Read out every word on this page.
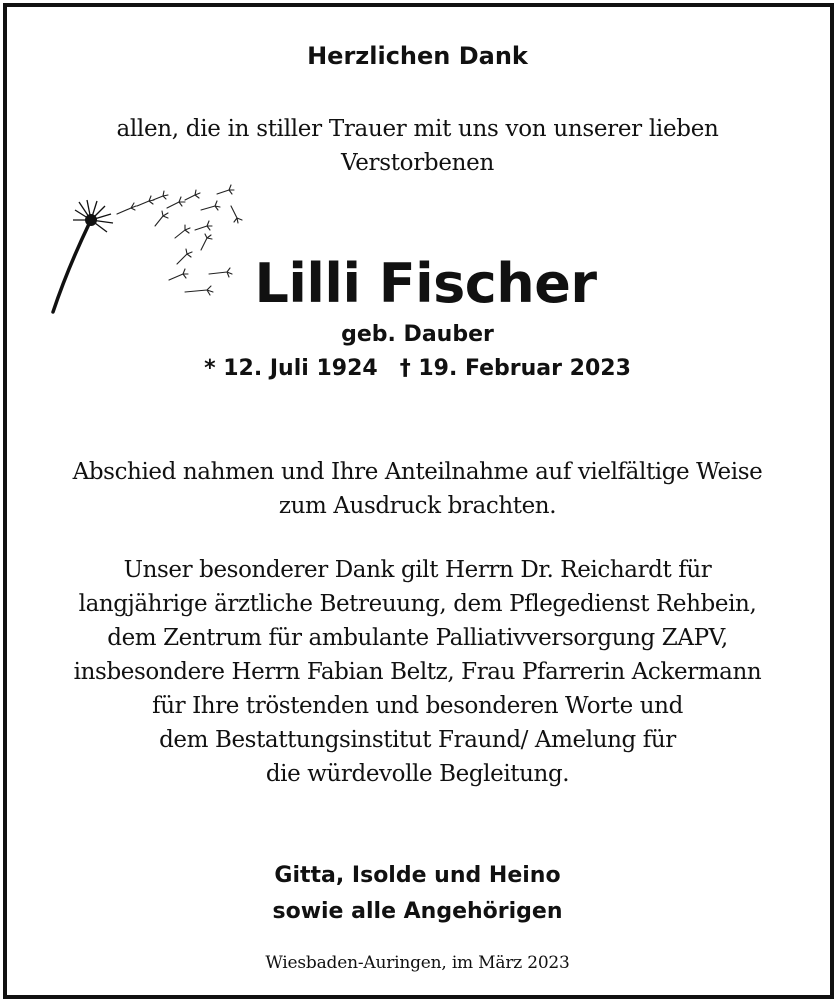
Herzlichen Dank
allen, die in stiller Trauer mit uns von unserer lieben
Verstorbenen
Lilli Fischer
geb. Dauber
* 12. Juli 1924 † 19. Februar 2023
Abschied nahmen und Ihre Anteilnahme auf vielfältige Weise
zum Ausdruck brachten.
Unser besonderer Dank gilt Herrn Dr. Reichardt für
langjährige ärztliche Betreuung, dem Pflegedienst Rehbein,
dem Zentrum für ambulante Palliativversorgung ZAPV,
insbesondere Herrn Fabian Beltz, Frau Pfarrerin Ackermann
für Ihre tröstenden und besonderen Worte und
dem Bestattungsinstitut Fraund/ Amelung für
die würdevolle Begleitung.
Gitta, Isolde und Heino
sowie alle Angehörigen
Wiesbaden-Auringen, im März 2023
